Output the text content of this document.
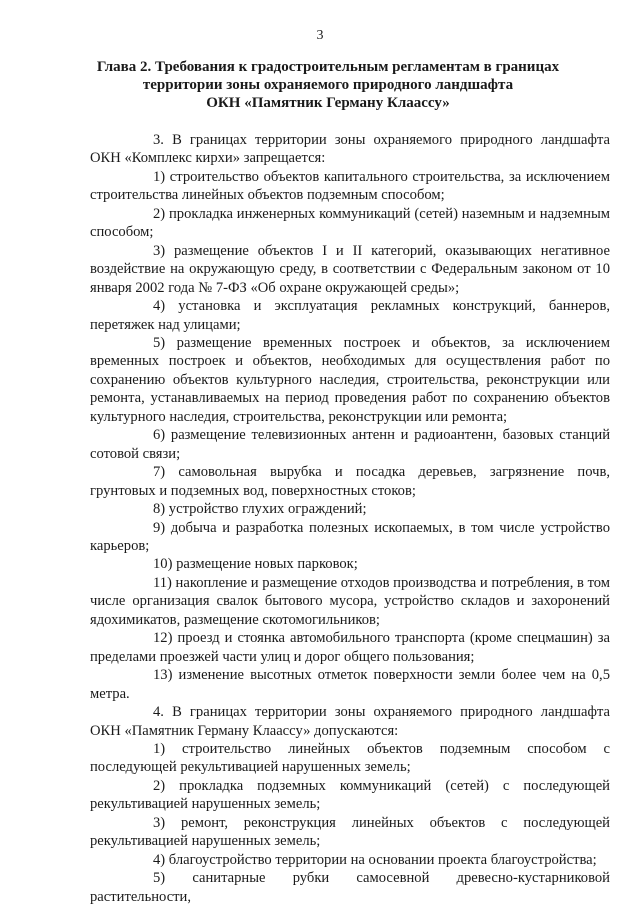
3
Глава 2. Требования к градостроительным регламентам в границах
территории зоны охраняемого природного ландшафта
ОКН «Памятник Герману Клаассу»

3. В границах территории зоны охраняемого природного ландшафта ОКН «Комплекс кирхи» запрещается:

1) строительство объектов капитального строительства, за исключением строительства линейных объектов подземным способом;

2) прокладка инженерных коммуникаций (сетей) наземным и надземным способом;

3) размещение объектов I и II категорий, оказывающих негативное воздействие на окружающую среду, в соответствии с Федеральным законом от 10 января 2002 года № 7-ФЗ «Об охране окружающей среды»;

4) установка и эксплуатация рекламных конструкций, баннеров, перетяжек над улицами;

5) размещение временных построек и объектов, за исключением временных построек и объектов, необходимых для осуществления работ по сохранению объектов культурного наследия, строительства, реконструкции или ремонта, устанавливаемых на период проведения работ по сохранению объектов культурного наследия, строительства, реконструкции или ремонта;

6) размещение телевизионных антенн и радиоантенн, базовых станций сотовой связи;

7) самовольная вырубка и посадка деревьев, загрязнение почв, грунтовых и подземных вод, поверхностных стоков;

8) устройство глухих ограждений;

9) добыча и разработка полезных ископаемых, в том числе устройство карьеров;

10) размещение новых парковок;

11) накопление и размещение отходов производства и потребления, в том числе организация свалок бытового мусора, устройство складов и захоронений ядохимикатов, размещение скотомогильников;

12) проезд и стоянка автомобильного транспорта (кроме спецмашин) за пределами проезжей части улиц и дорог общего пользования;

13) изменение высотных отметок поверхности земли более чем на 0,5 метра.

4. В границах территории зоны охраняемого природного ландшафта ОКН «Памятник Герману Клаассу» допускаются:

1) строительство линейных объектов подземным способом с последующей рекультивацией нарушенных земель;

2) прокладка подземных коммуникаций (сетей) с последующей рекультивацией нарушенных земель;

3) ремонт, реконструкция линейных объектов с последующей рекультивацией нарушенных земель;

4) благоустройство территории на основании проекта благоустройства;

5) санитарные рубки самосевной древесно-кустарниковой растительности,
